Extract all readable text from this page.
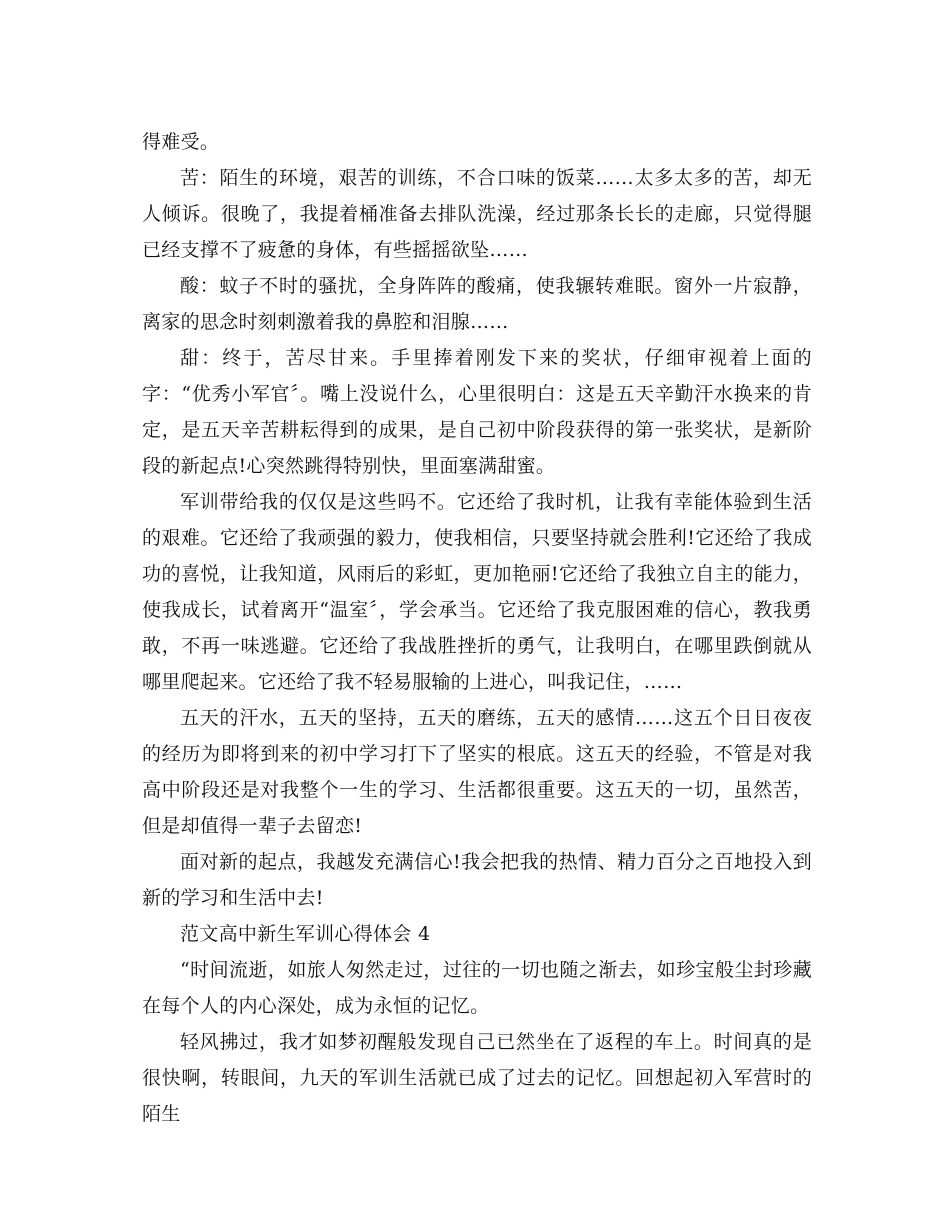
得难受。

苦：陌生的环境，艰苦的训练，不合口味的饭菜……太多太多的苦，却无人倾诉。很晚了，我提着桶准备去排队洗澡，经过那条长长的走廊，只觉得腿已经支撑不了疲惫的身体，有些摇摇欲坠……

酸：蚊子不时的骚扰，全身阵阵的酸痛，使我辗转难眠。窗外一片寂静，离家的思念时刻刺激着我的鼻腔和泪腺……

甜：终于，苦尽甘来。手里捧着刚发下来的奖状，仔细审视着上面的字：“优秀小军官〞。嘴上没说什么，心里很明白：这是五天辛勤汗水换来的肯定，是五天辛苦耕耘得到的成果，是自己初中阶段获得的第一张奖状，是新阶段的新起点!心突然跳得特别快，里面塞满甜蜜。

军训带给我的仅仅是这些吗不。它还给了我时机，让我有幸能体验到生活的艰难。它还给了我顽强的毅力，使我相信，只要坚持就会胜利!它还给了我成功的喜悦，让我知道，风雨后的彩虹，更加艳丽!它还给了我独立自主的能力，使我成长，试着离开“温室〞，学会承当。它还给了我克服困难的信心，教我勇敢，不再一味逃避。它还给了我战胜挫折的勇气，让我明白，在哪里跌倒就从哪里爬起来。它还给了我不轻易服输的上进心，叫我记住，……

五天的汗水，五天的坚持，五天的磨练，五天的感情……这五个日日夜夜的经历为即将到来的初中学习打下了坚实的根底。这五天的经验，不管是对我高中阶段还是对我整个一生的学习、生活都很重要。这五天的一切，虽然苦，但是却值得一辈子去留恋!

面对新的起点，我越发充满信心!我会把我的热情、精力百分之百地投入到新的学习和生活中去!

范文高中新生军训心得体会 4

“时间流逝，如旅人匆然走过，过往的一切也随之渐去，如珍宝般尘封珍藏在每个人的内心深处，成为永恒的记忆。

轻风拂过，我才如梦初醒般发现自己已然坐在了返程的车上。时间真的是很快啊，转眼间，九天的军训生活就已成了过去的记忆。回想起初入军营时的陌生
